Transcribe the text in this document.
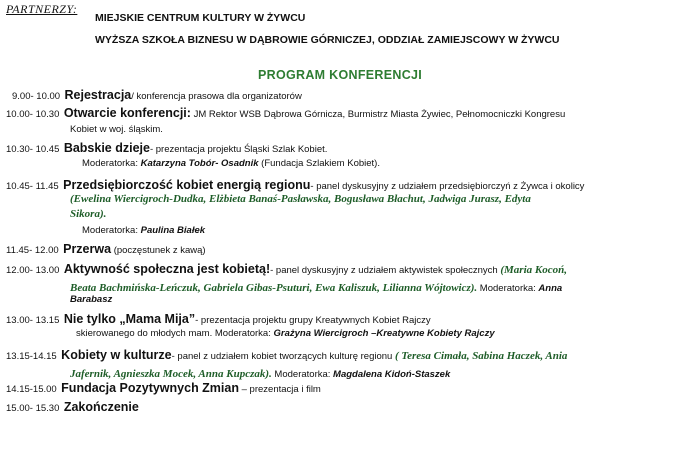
PARTNERZY:
MIEJSKIE CENTRUM KULTURY W ŻYWCU
WYŻSZA SZKOŁA BIZNESU W DĄBROWIE GÓRNICZEJ, ODDZIAŁ ZAMIEJSCOWY W ŻYWCU
PROGRAM KONFERENCJI
9.00- 10.00 Rejestracja/ konferencja prasowa dla organizatorów
10.00- 10.30 Otwarcie konferencji: JM Rektor WSB Dąbrowa Górnicza, Burmistrz Miasta Żywiec, Pełnomocniczki Kongresu
Kobiet w woj. śląskim.
10.30- 10.45 Babskie dzieje- prezentacja projektu Śląski Szlak Kobiet.
Moderatorka: Katarzyna Tobór- Osadnik (Fundacja Szlakiem Kobiet).
10.45- 11.45 Przedsiębiorczość kobiet energią regionu- panel dyskusyjny z udziałem przedsiębiorczyń z Żywca i okolicy
(Ewelina Wiercigroch-Dudka, Elżbieta Banaś-Pasławska, Bogusława Błachut, Jadwiga Jurasz, Edyta
Sikora).
Moderatorka: Paulina Białek
11.45- 12.00 Przerwa (poczęstunek z kawą)
12.00- 13.00 Aktywność społeczna jest kobietą!- panel dyskusyjny z udziałem aktywistek społecznych (Maria Kocoń,
Beata Bachmińska-Leńczuk, Gabriela Gibas-Psuturi, Ewa Kaliszuk, Lilianna Wójtowicz). Moderatorka: Anna
Barabasz
13.00- 13.15 Nie tylko „Mama Mija”- prezentacja projektu grupy Kreatywnych Kobiet Rajczy
skierowanego do młodych mam. Moderatorka: Grażyna Wiercigroch –Kreatywne Kobiety Rajczy
13.15-14.15 Kobiety w kulturze- panel z udziałem kobiet tworzących kulturę regionu ( Teresa Cimała, Sabina Haczek, Ania
Jafernik, Agnieszka Mocek, Anna Kupczak). Moderatorka: Magdalena Kidoń-Staszek
14.15-15.00 Fundacja Pozytywnych Zmian – prezentacja i film
15.00- 15.30 Zakończenie
